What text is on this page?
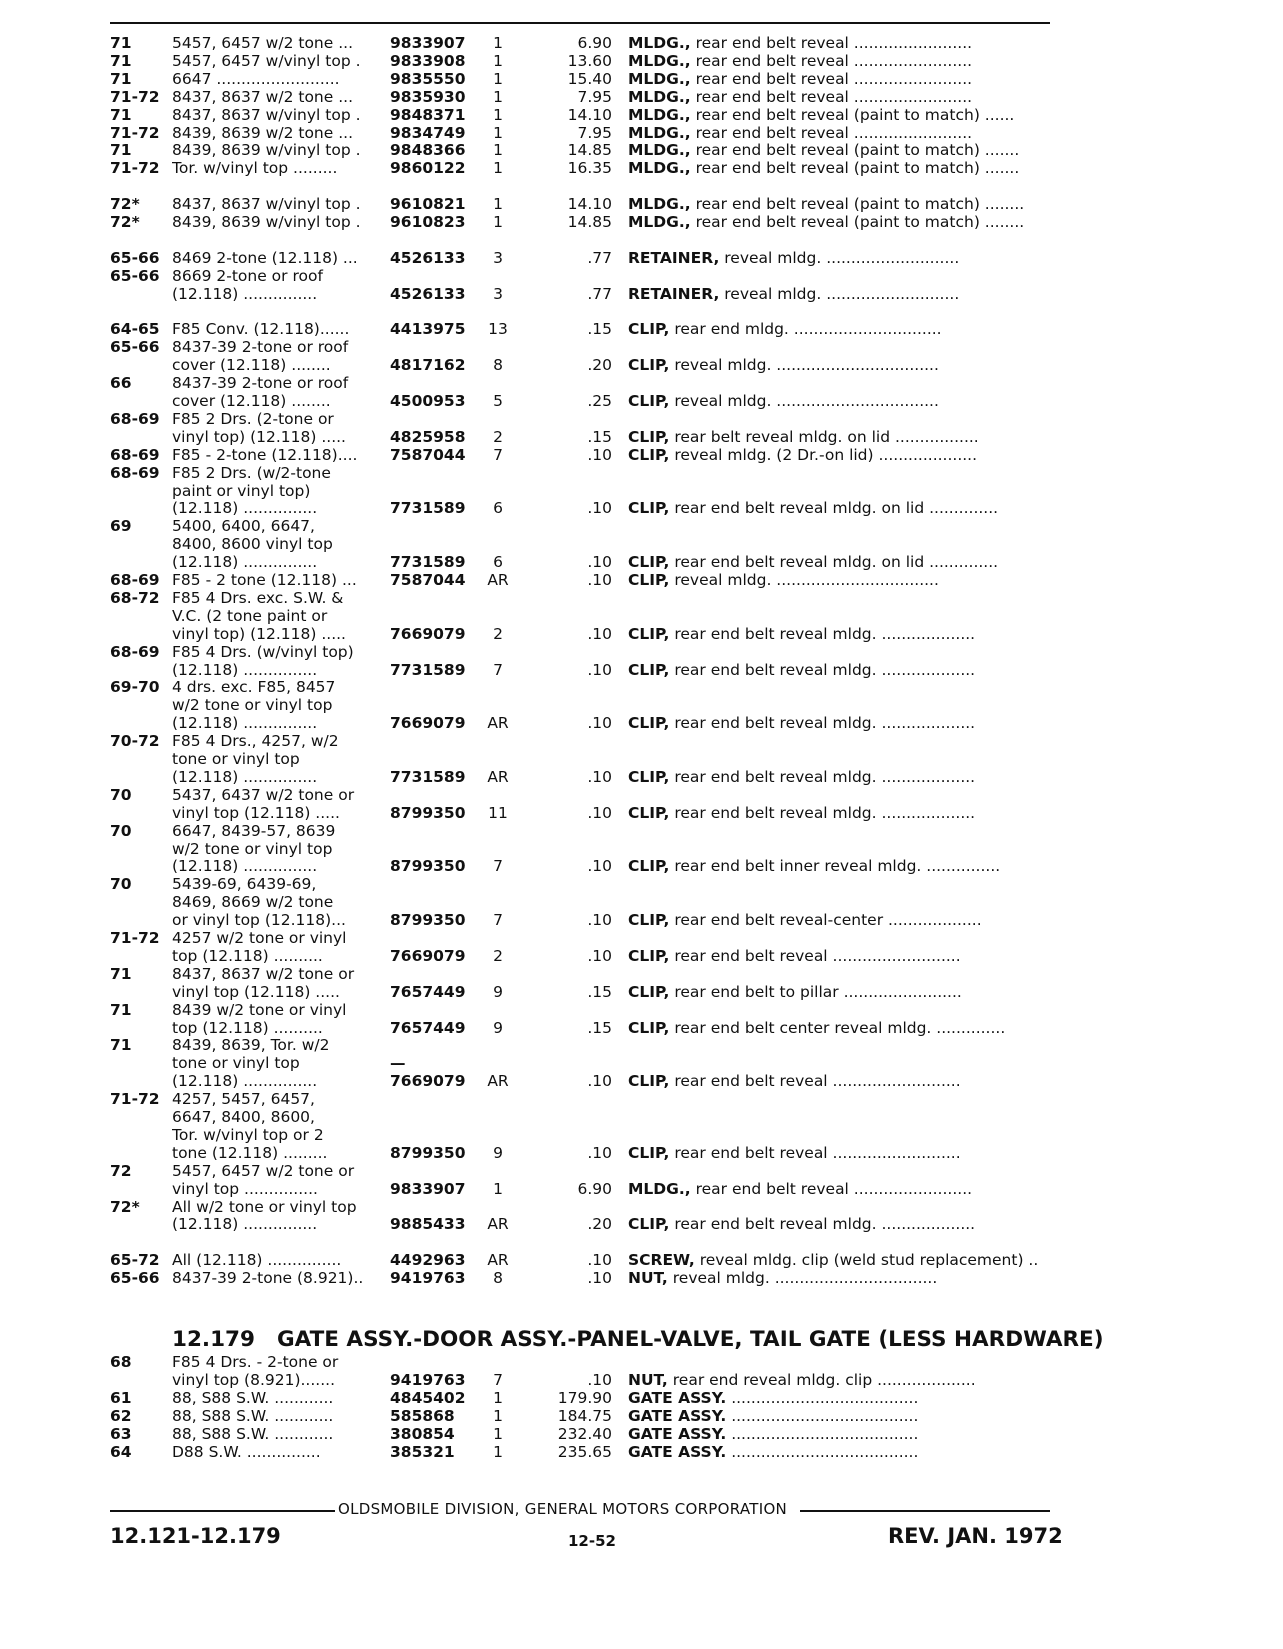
71	5457, 6457 w/2 tone ...	9833907	1	6.90 MLDG., rear end belt reveal ........................
71	5457, 6457 w/vinyl top .	9833908	1	13.60 MLDG., rear end belt reveal ........................
71	6647 .........................	9835550	1	15.40 MLDG., rear end belt reveal ........................
71-72 8437, 8637 w/2 tone ...	9835930	1	7.95 MLDG., rear end belt reveal ........................
71	8437, 8637 w/vinyl top .	9848371	1	14.10 MLDG., rear end belt reveal (paint to match) ......
71-72 8439, 8639 w/2 tone ...	9834749	1	7.95 MLDG., rear end belt reveal ........................
71	8439, 8639 w/vinyl top .	9848366	1	14.85 MLDG., rear end belt reveal (paint to match) .......
71-72 Tor. w/vinyl top .........	9860122	1	16.35 MLDG., rear end belt reveal (paint to match) .......
72*	8437, 8637 w/vinyl top .	9610821	1	14.10 MLDG., rear end belt reveal (paint to match) ........
72*	8439, 8639 w/vinyl top .	9610823	1	14.85 MLDG., rear end belt reveal (paint to match) ........
65-66 8469 2-tone (12.118) ...	4526133	3	.77 RETAINER, reveal mldg. ...........................
65-66 8669 2-tone or roof
(12.118) ...............	4526133	3	.77 RETAINER, reveal mldg. ...........................
64-65 F85 Conv. (12.118)......	4413975	13	.15 CLIP, rear end mldg. ..............................
65-66 8437-39 2-tone or roof
cover (12.118) ........	4817162	8	.20 CLIP, reveal mldg. .................................
66	8437-39 2-tone or roof
cover (12.118) ........	4500953	5	.25 CLIP, reveal mldg. .................................
68-69 F85 2 Drs. (2-tone or
vinyl top) (12.118) .....	4825958	2	.15 CLIP, rear belt reveal mldg. on lid .................
68-69 F85 - 2-tone (12.118)....	7587044	7	.10 CLIP, reveal mldg. (2 Dr.-on lid) ....................
68-69 F85 2 Drs. (w/2-tone
paint or vinyl top)
(12.118) ...............	7731589	6	.10 CLIP, rear end belt reveal mldg. on lid ..............
69	5400, 6400, 6647,
8400, 8600 vinyl top
(12.118) ...............	7731589	6	.10 CLIP, rear end belt reveal mldg. on lid ..............
68-69 F85 - 2 tone (12.118) ...	7587044	AR	.10 CLIP, reveal mldg. .................................
68-72 F85 4 Drs. exc. S.W. &
V.C. (2 tone paint or
vinyl top) (12.118) .....	7669079	2	.10 CLIP, rear end belt reveal mldg. ...................
68-69 F85 4 Drs. (w/vinyl top)
(12.118) ...............	7731589	7	.10 CLIP, rear end belt reveal mldg. ...................
69-70 4 drs. exc. F85, 8457
w/2 tone or vinyl top
(12.118) ...............	7669079	AR	.10 CLIP, rear end belt reveal mldg. ...................
70-72 F85 4 Drs., 4257, w/2
tone or vinyl top
(12.118) ...............	7731589	AR	.10 CLIP, rear end belt reveal mldg. ...................
70	5437, 6437 w/2 tone or
vinyl top (12.118) .....	8799350	11	.10 CLIP, rear end belt reveal mldg. ...................
70	6647, 8439-57, 8639
w/2 tone or vinyl top
(12.118) ...............	8799350	7	.10 CLIP, rear end belt inner reveal mldg. ...............
70	5439-69, 6439-69,
8469, 8669 w/2 tone
or vinyl top (12.118)...	8799350	7	.10 CLIP, rear end belt reveal-center ...................
71-72 4257 w/2 tone or vinyl
top (12.118) ..........	7669079	2	.10 CLIP, rear end belt reveal ..........................
71	8437, 8637 w/2 tone or
vinyl top (12.118) .....	7657449	9	.15 CLIP, rear end belt to pillar ........................
71	8439 w/2 tone or vinyl
top (12.118) ..........	7657449	9	.15 CLIP, rear end belt center reveal mldg. ..............
71	8439, 8639, Tor. w/2
tone or vinyl top	—
(12.118) ...............	7669079	AR	.10 CLIP, rear end belt reveal ..........................
71-72 4257, 5457, 6457,
6647, 8400, 8600,
Tor. w/vinyl top or 2
tone (12.118) .........	8799350	9	.10 CLIP, rear end belt reveal ..........................
72	5457, 6457 w/2 tone or
vinyl top ...............	9833907	1	6.90 MLDG., rear end belt reveal ........................
72*	All w/2 tone or vinyl top
(12.118) ...............	9885433	AR	.20 CLIP, rear end belt reveal mldg. ...................
65-72 All (12.118) ...............	4492963	AR	.10 SCREW, reveal mldg. clip (weld stud replacement) ..
65-66 8437-39 2-tone (8.921)..	9419763	8	.10 NUT, reveal mldg. .................................
68	F85 4 Drs. - 2-tone or
vinyl top (8.921).......	9419763	7	.10 NUT, rear end reveal mldg. clip ....................
61	88, S88 S.W. ............	4845402	1	179.90 GATE ASSY. ......................................
62	88, S88 S.W. ............	585868	1	184.75 GATE ASSY. ......................................
63	88, S88 S.W. ............	380854	1	232.40 GATE ASSY. ......................................
64	D88 S.W. ...............	385321	1	235.65 GATE ASSY. ......................................
12.179 GATE ASSY.-DOOR ASSY.-PANEL-VALVE, TAIL GATE (LESS HARDWARE)
OLDSMOBILE DIVISION, GENERAL MOTORS CORPORATION
12.121-12.179	12-52	REV. JAN. 1972
